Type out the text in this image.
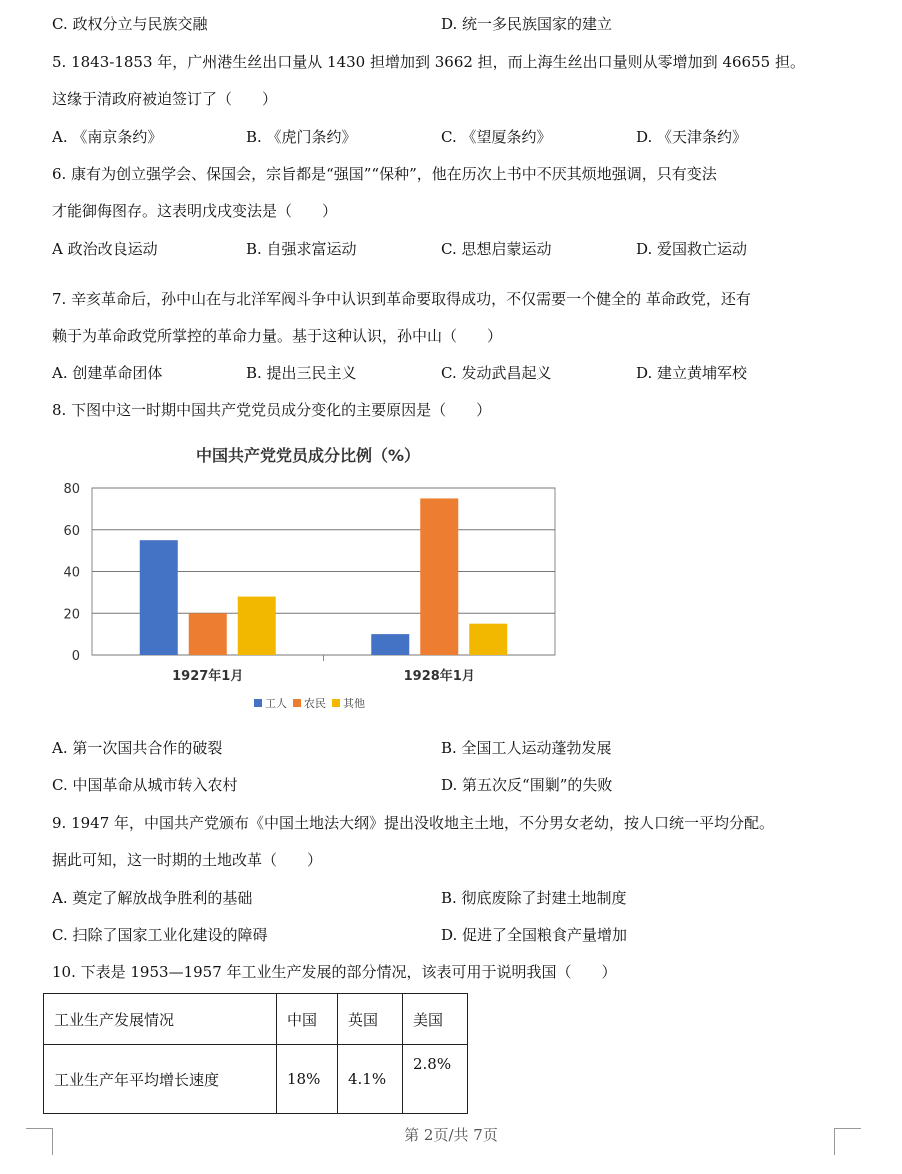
C. 政权分立与民族交融	D. 统一多民族国家的建立
5. 1843-1853 年，广州港生丝出口量从 1430 担增加到 3662 担，而上海生丝出口量则从零增加到 46655 担。
这缘于清政府被迫签订了（　　）
A. 《南京条约》	B. 《虎门条约》	C. 《望厦条约》	D. 《天津条约》
6. 康有为创立强学会、保国会，宗旨都是“强国”“保种”，他在历次上书中不厌其烦地强调，只有变法
才能御侮图存。这表明戊戌变法是（　　）
A 政治改良运动	B. 自强求富运动	C. 思想启蒙运动	D. 爱国救亡运动
7. 辛亥革命后，孙中山在与北洋军阀斗争中认识到革命要取得成功，不仅需要一个健全的 革命政党，还有
赖于为革命政党所掌控的革命力量。基于这种认识，孙中山（　　）
A. 创建革命团体	B. 提出三民主义	C. 发动武昌起义	D. 建立黄埔军校
8. 下图中这一时期中国共产党党员成分变化的主要原因是（　　）
中国共产党党员成分比例（%）
0
20
40
60
80
1927年1月	1928年1月
工人 农民 其他
A. 第一次国共合作的破裂	B. 全国工人运动蓬勃发展
C. 中国革命从城市转入农村	D. 第五次反“围剿”的失败
9. 1947 年，中国共产党颁布《中国土地法大纲》提出没收地主土地，不分男女老幼，按人口统一平均分配。
据此可知，这一时期的土地改革（　　）
A. 奠定了解放战争胜利的基础	B. 彻底废除了封建土地制度
C. 扫除了国家工业化建设的障碍	D. 促进了全国粮食产量增加
10. 下表是 1953—1957 年工业生产发展的部分情况，该表可用于说明我国（　　）
工业生产发展情况	中国	英国	美国
工业生产年平均增长速度	18%	4.1%	2.8%
第 2页/共 7页
